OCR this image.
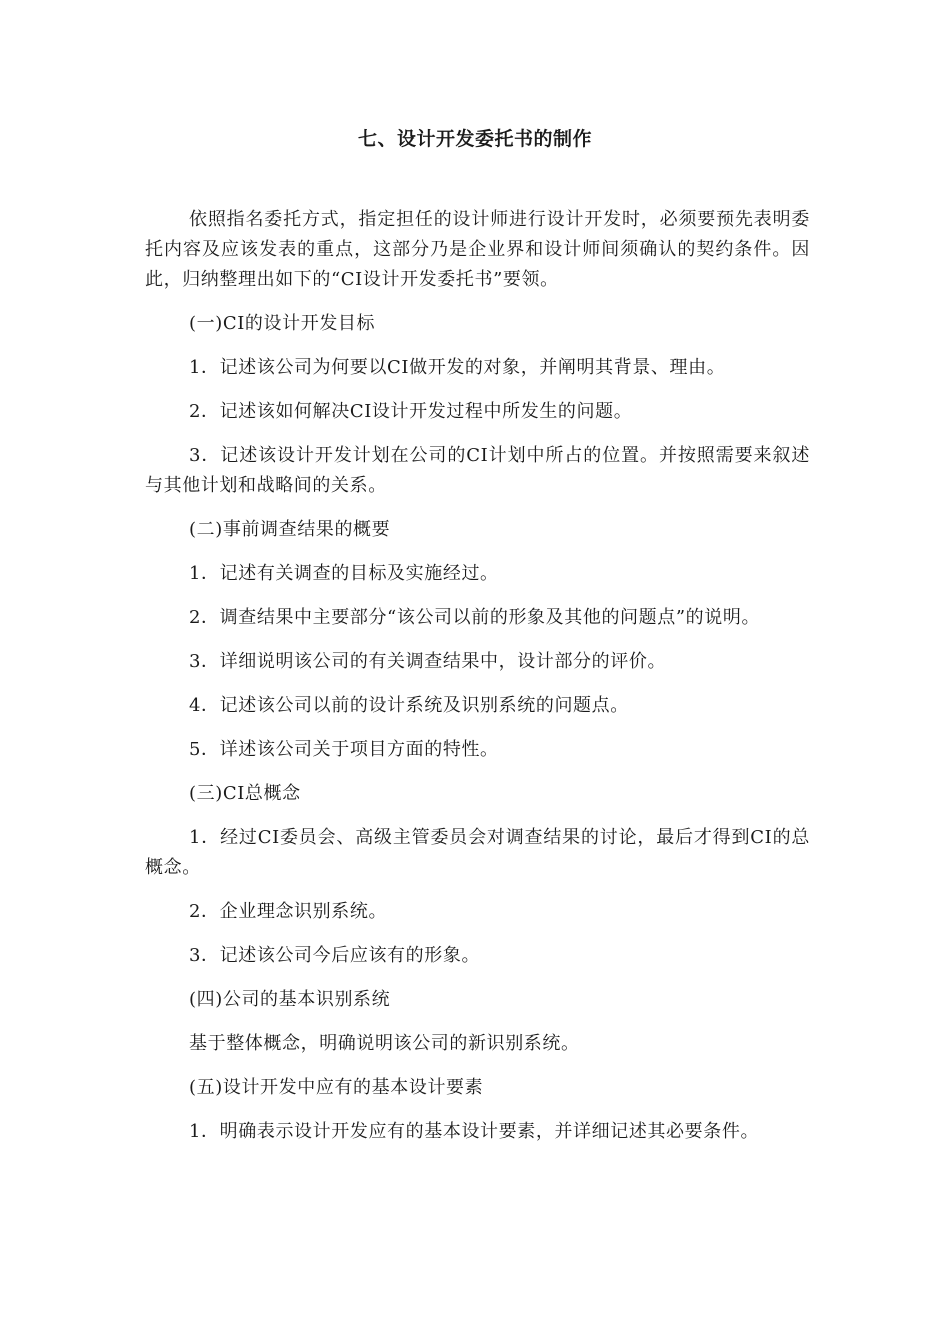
七、设计开发委托书的制作

依照指名委托方式，指定担任的设计师进行设计开发时，必须要预先表明委托内容及应该发表的重点，这部分乃是企业界和设计师间须确认的契约条件。因此，归纳整理出如下的“CI设计开发委托书”要领。

(一)CI的设计开发目标

1．记述该公司为何要以CI做开发的对象，并阐明其背景、理由。

2．记述该如何解决CI设计开发过程中所发生的问题。

3．记述该设计开发计划在公司的CI计划中所占的位置。并按照需要来叙述与其他计划和战略间的关系。

(二)事前调查结果的概要

1．记述有关调查的目标及实施经过。

2．调查结果中主要部分“该公司以前的形象及其他的问题点”的说明。

3．详细说明该公司的有关调查结果中，设计部分的评价。

4．记述该公司以前的设计系统及识别系统的问题点。

5．详述该公司关于项目方面的特性。

(三)CI总概念

1．经过CI委员会、高级主管委员会对调查结果的讨论，最后才得到CI的总概念。

2．企业理念识别系统。

3．记述该公司今后应该有的形象。

(四)公司的基本识别系统

基于整体概念，明确说明该公司的新识别系统。

(五)设计开发中应有的基本设计要素

1．明确表示设计开发应有的基本设计要素，并详细记述其必要条件。
